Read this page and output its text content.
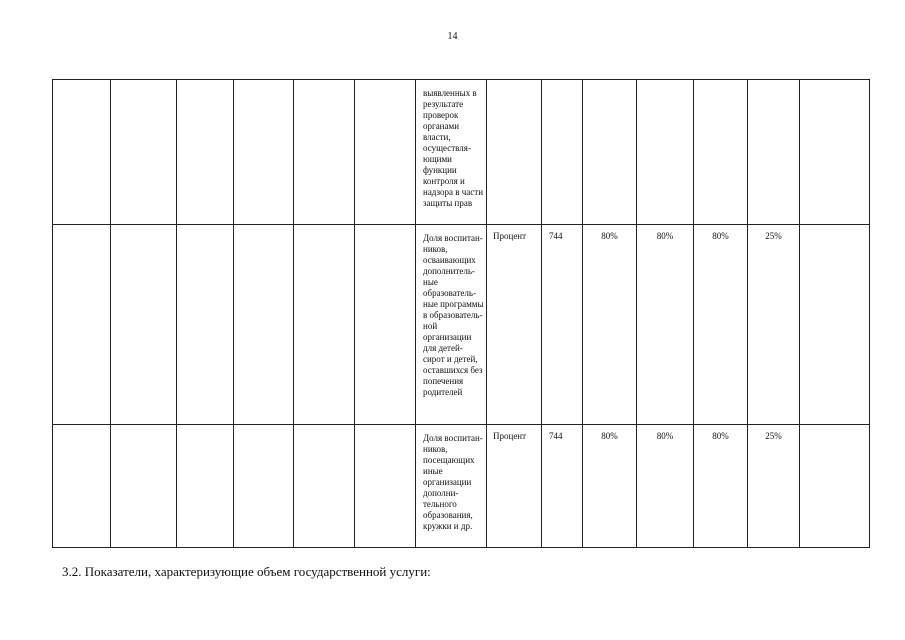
14

						выявленных в результате проверок органами власти, осуществля-ющими функции контроля и надзора в части защиты прав							

						Доля воспитан-ников, осваивающих дополнитель-ные образователь-ные программы в образователь-ной организации для детей-сирот и детей, оставшихся без попечения родителей	Процент	744	80%	80%	80%	25%	

						Доля воспитан-ников, посещающих иные организации дополни-тельного образования, кружки и др.	Процент	744	80%	80%	80%	25%	

3.2. Показатели, характеризующие объем государственной услуги:
